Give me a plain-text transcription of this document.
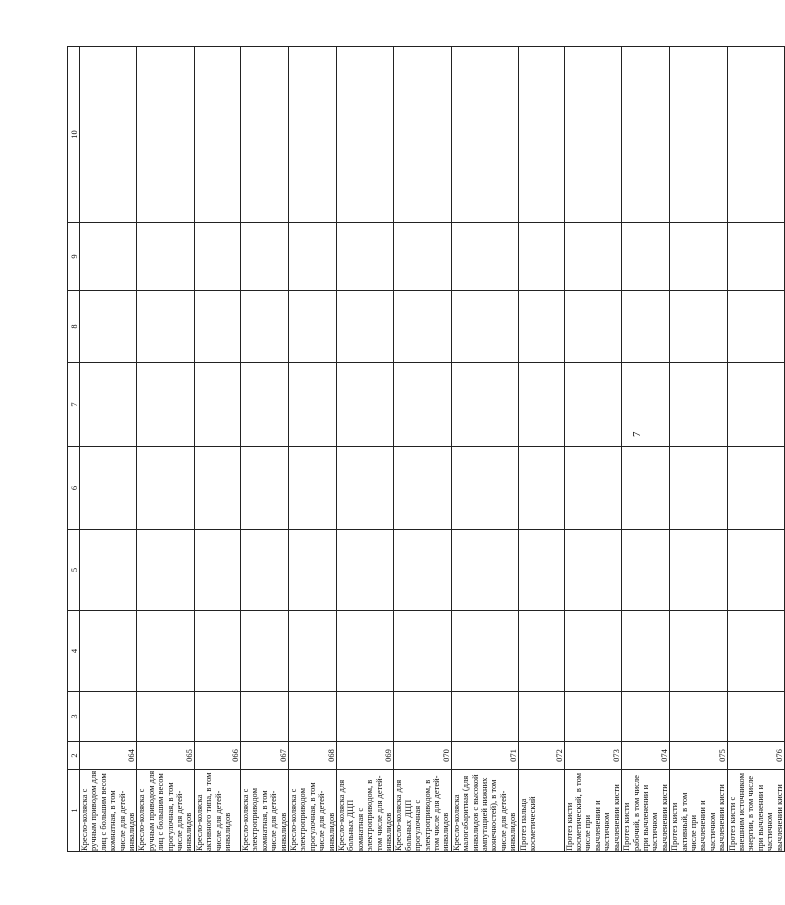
7
1	2	3	4	5	6	7	8	9	10
Кресло-коляска с ручным приводом для лиц с большим весом комнатная, в том числе для детей-инвалидов	064								
Кресло-коляска с ручным приводом для лиц с большим весом прогулочная, в том числе для детей-инвалидов	065								
Кресло-коляска активного типа, в том числе для детей-инвалидов	066								
Кресло-коляска с электроприводом комнатная, в том числе для детей-инвалидов	067								
Кресло-коляска с электроприводом прогулочная, в том числе для детей-инвалидов	068								
Кресло-коляска для больных ДЦП комнатная с электроприводом, в том числе для детей-инвалидов	069								
Кресло-коляска для больных ДЦП прогулочная с электроприводом, в том числе для детей-инвалидов	070								
Кресло-коляска малогабаритная (для инвалидов с высокой ампутацией нижних конечностей), в том числе для детей-инвалидов	071								
Протез пальца косметический	072								
Протез кисти косметический, в том числе при вычленении и частичном вычленении кисти	073								
Протез кисти рабочий, в том числе при вычленении и частичном вычленении кисти	074								
Протез кисти активный, в том числе при вычленении и частичном вычленении кисти	075								
Протез кисти с внешним источником энергии, в том числе при вычленении и частичном вычленении кисти	076								
